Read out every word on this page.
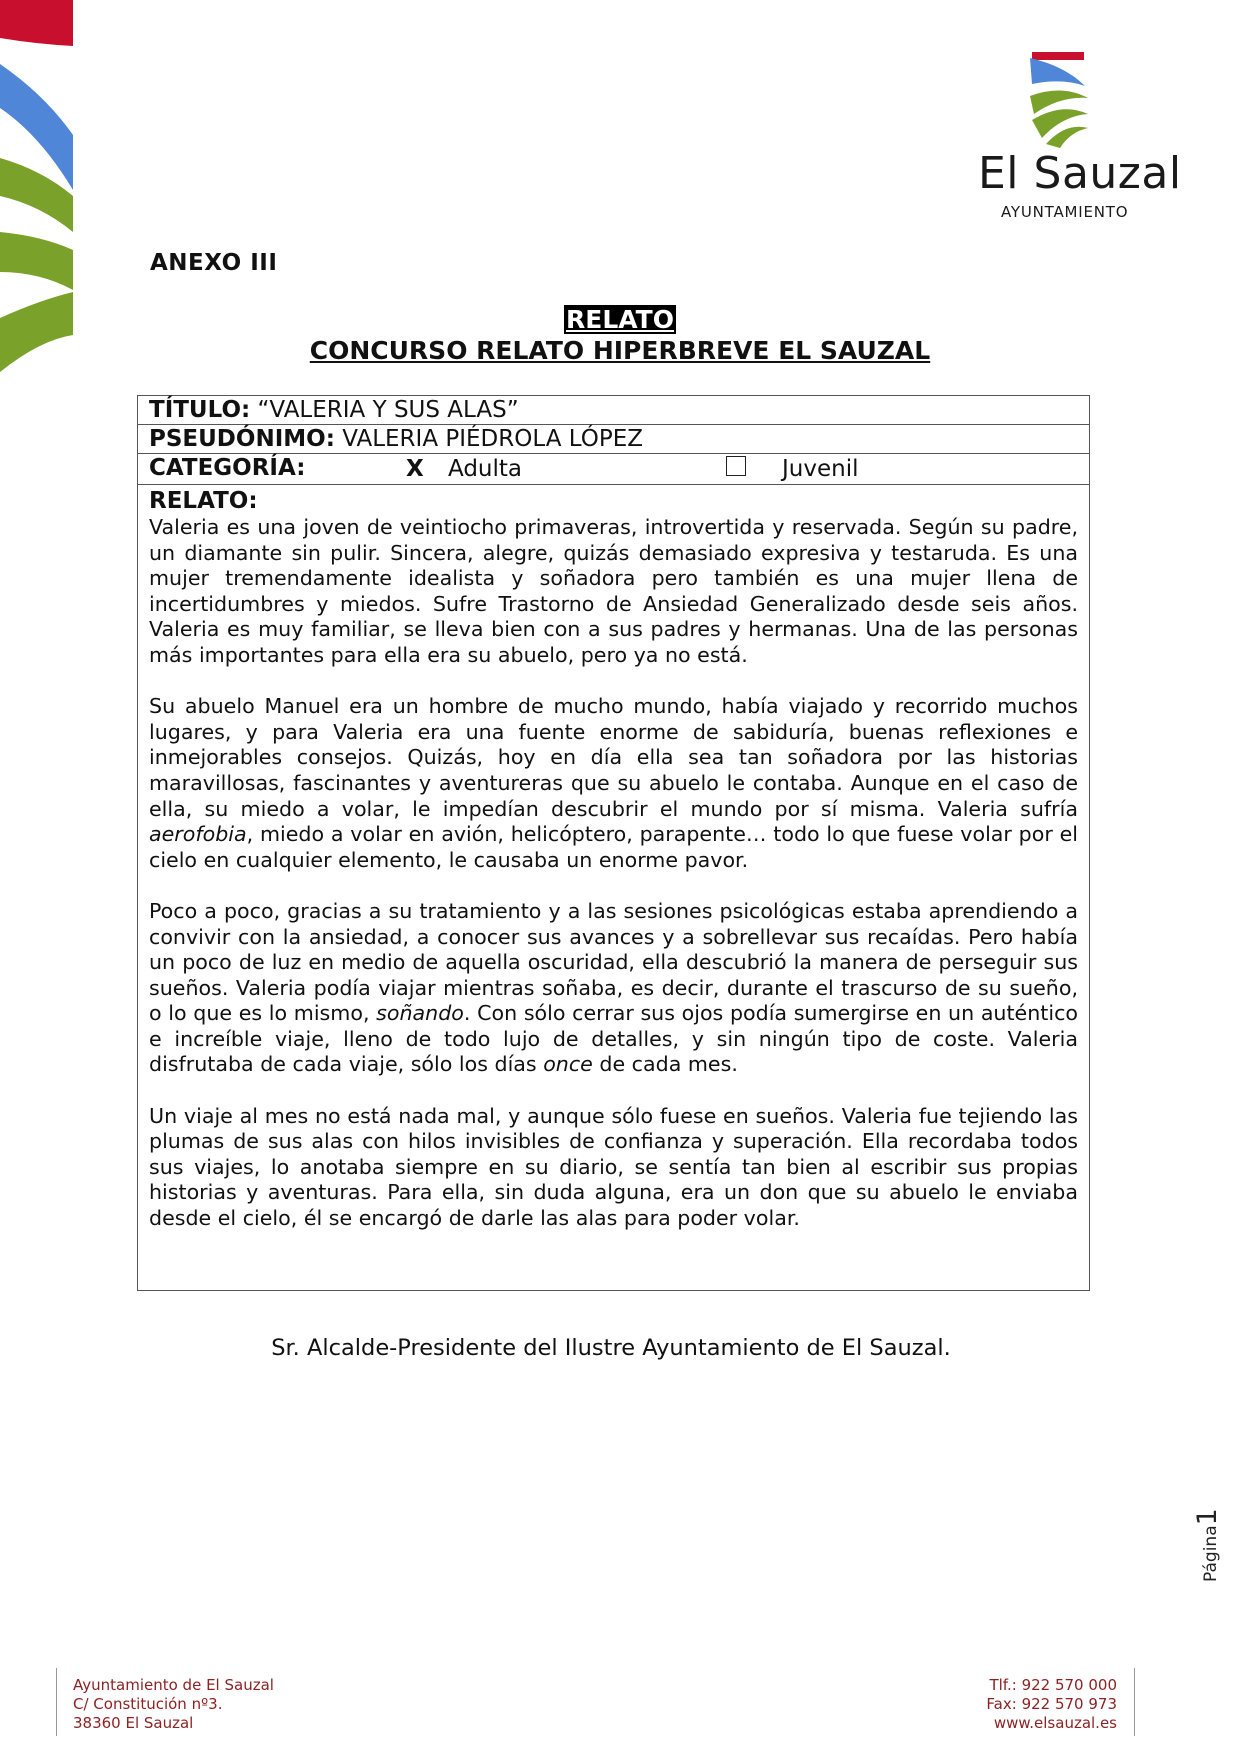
El Sauzal
AYUNTAMIENTO
ANEXO III
RELATO
CONCURSO RELATO HIPERBREVE EL SAUZAL
TÍTULO: “VALERIA Y SUS ALAS”
PSEUDÓNIMO: VALERIA PIÉDROLA LÓPEZ
CATEGORÍA:	X Adulta	Juvenil
RELATO:

Valeria es una joven de veintiocho primaveras, introvertida y reservada. Según su padre, un diamante sin pulir. Sincera, alegre, quizás demasiado expresiva y testaruda. Es una mujer tremendamente idealista y soñadora pero también es una mujer llena de incertidumbres y miedos. Sufre Trastorno de Ansiedad Generalizado desde seis años. Valeria es muy familiar, se lleva bien con a sus padres y hermanas. Una de las personas más importantes para ella era su abuelo, pero ya no está.

Su abuelo Manuel era un hombre de mucho mundo, había viajado y recorrido muchos lugares, y para Valeria era una fuente enorme de sabiduría, buenas reflexiones e inmejorables consejos. Quizás, hoy en día ella sea tan soñadora por las historias maravillosas, fascinantes y aventureras que su abuelo le contaba. Aunque en el caso de ella, su miedo a volar, le impedían descubrir el mundo por sí misma. Valeria sufría aerofobia, miedo a volar en avión, helicóptero, parapente… todo lo que fuese volar por el cielo en cualquier elemento, le causaba un enorme pavor.

Poco a poco, gracias a su tratamiento y a las sesiones psicológicas estaba aprendiendo a convivir con la ansiedad, a conocer sus avances y a sobrellevar sus recaídas. Pero había un poco de luz en medio de aquella oscuridad, ella descubrió la manera de perseguir sus sueños. Valeria podía viajar mientras soñaba, es decir, durante el trascurso de su sueño, o lo que es lo mismo, soñando. Con sólo cerrar sus ojos podía sumergirse en un auténtico e increíble viaje, lleno de todo lujo de detalles, y sin ningún tipo de coste. Valeria disfrutaba de cada viaje, sólo los días once de cada mes.

Un viaje al mes no está nada mal, y aunque sólo fuese en sueños. Valeria fue tejiendo las plumas de sus alas con hilos invisibles de confianza y superación. Ella recordaba todos sus viajes, lo anotaba siempre en su diario, se sentía tan bien al escribir sus propias historias y aventuras. Para ella, sin duda alguna, era un don que su abuelo le enviaba desde el cielo, él se encargó de darle las alas para poder volar.

Sr. Alcalde-Presidente del Ilustre Ayuntamiento de El Sauzal.
Página1
Ayuntamiento de El Sauzal
C/ Constitución nº3.
38360 El Sauzal
Tlf.: 922 570 000
Fax: 922 570 973
www.elsauzal.es
